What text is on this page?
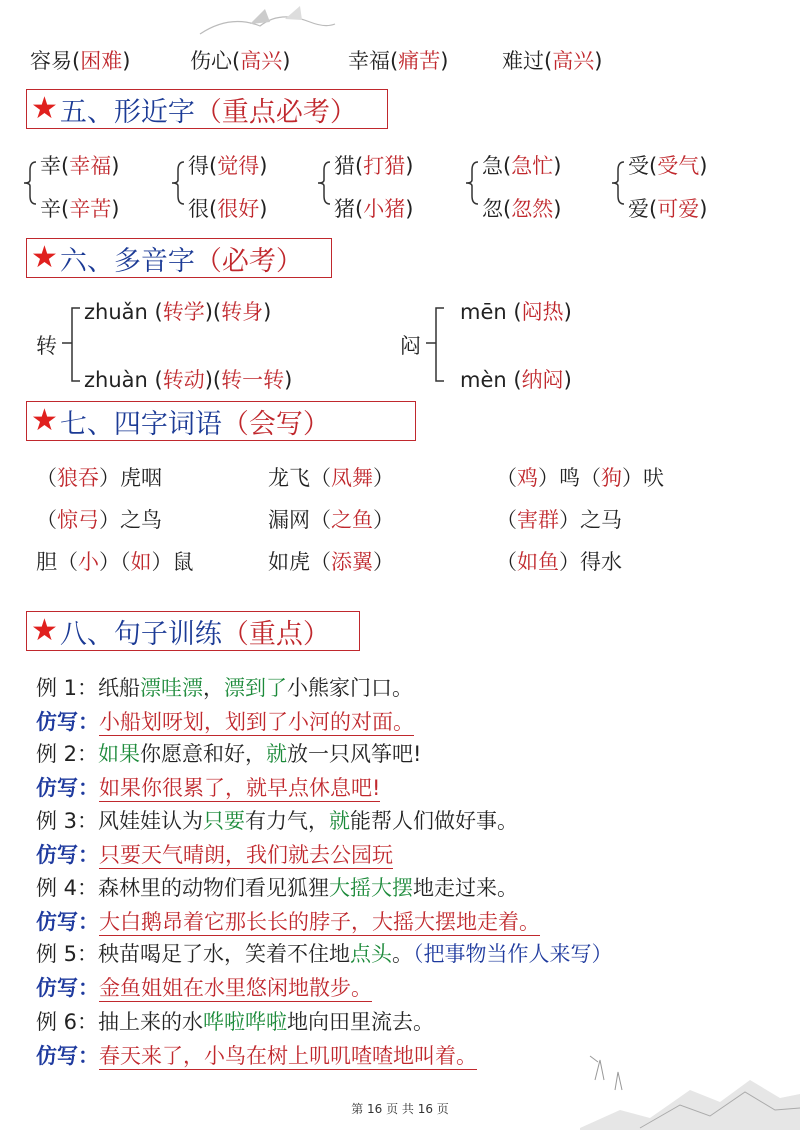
容易(困难)	伤心(高兴)	幸福(痛苦)	难过(高兴)
★ 五、形近字 （重点必考）
幸(幸福)
辛(辛苦)
得(觉得)
很(很好)
猎(打猎)
猪(小猪)
急(急忙)
忽(忽然)
受(受气)
爱(可爱)
★ 六、多音字 （必考）
转
zhuǎn (转学)(转身)
zhuàn (转动)(转一转)
闷
mēn (闷热)
mèn (纳闷)
★ 七、四字词语 （会写）
（狼吞）虎咽	龙飞（凤舞）	（鸡）鸣（狗）吠
（惊弓）之鸟	漏网（之鱼）	（害群）之马
胆（小）（如）鼠	如虎（添翼）	（如鱼）得水
★ 八、句子训练 （重点）
例 1：纸船漂哇漂，漂到了小熊家门口。
仿写：小船划呀划，划到了小河的对面。
例 2：如果你愿意和好，就放一只风筝吧!
仿写：如果你很累了，就早点休息吧!
例 3：风娃娃认为只要有力气，就能帮人们做好事。
仿写：只要天气晴朗，我们就去公园玩
例 4：森林里的动物们看见狐狸大摇大摆地走过来。
仿写：大白鹅昂着它那长长的脖子，大摇大摆地走着。
例 5：秧苗喝足了水，笑着不住地点头。（把事物当作人来写）
仿写：金鱼姐姐在水里悠闲地散步。
例 6：抽上来的水哗啦哗啦地向田里流去。
仿写：春天来了，小鸟在树上叽叽喳喳地叫着。
第 16 页 共 16 页
